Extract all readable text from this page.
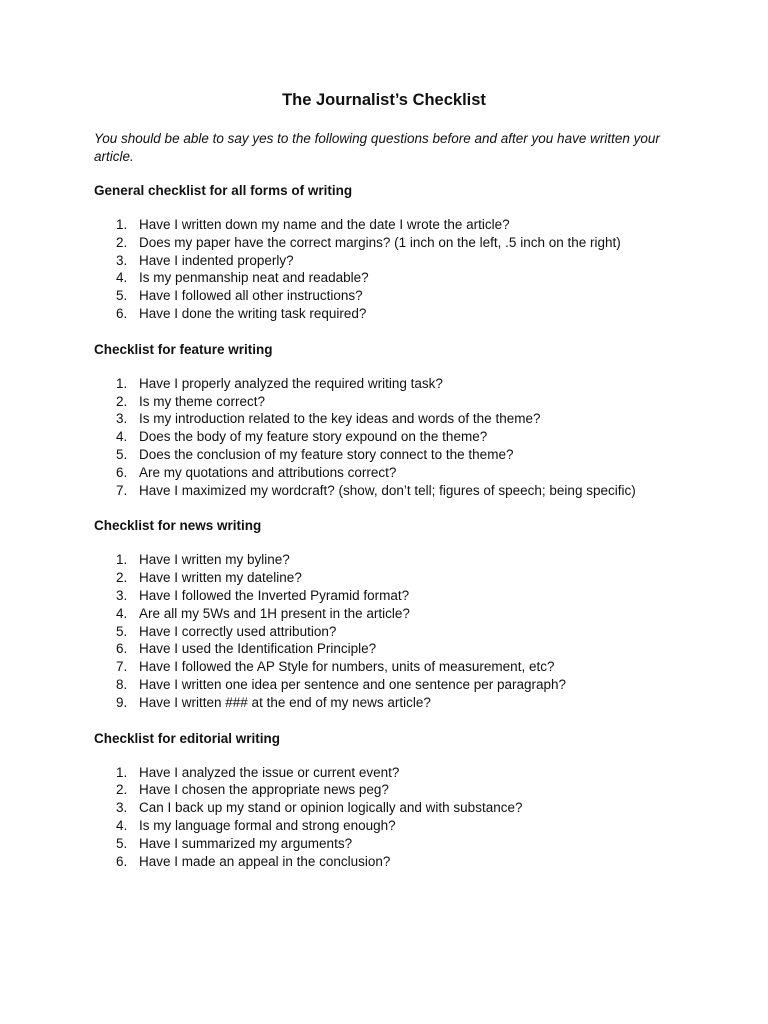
The Journalist’s Checklist

You should be able to say yes to the following questions before and after you have written your article.

General checklist for all forms of writing
1. Have I written down my name and the date I wrote the article?
2. Does my paper have the correct margins? (1 inch on the left, .5 inch on the right)
3. Have I indented properly?
4. Is my penmanship neat and readable?
5. Have I followed all other instructions?
6. Have I done the writing task required?
Checklist for feature writing
1. Have I properly analyzed the required writing task?
2. Is my theme correct?
3. Is my introduction related to the key ideas and words of the theme?
4. Does the body of my feature story expound on the theme?
5. Does the conclusion of my feature story connect to the theme?
6. Are my quotations and attributions correct?
7. Have I maximized my wordcraft? (show, don’t tell; figures of speech; being specific)
Checklist for news writing
1. Have I written my byline?
2. Have I written my dateline?
3. Have I followed the Inverted Pyramid format?
4. Are all my 5Ws and 1H present in the article?
5. Have I correctly used attribution?
6. Have I used the Identification Principle?
7. Have I followed the AP Style for numbers, units of measurement, etc?
8. Have I written one idea per sentence and one sentence per paragraph?
9. Have I written ### at the end of my news article?
Checklist for editorial writing
1. Have I analyzed the issue or current event?
2. Have I chosen the appropriate news peg?
3. Can I back up my stand or opinion logically and with substance?
4. Is my language formal and strong enough?
5. Have I summarized my arguments?
6. Have I made an appeal in the conclusion?
